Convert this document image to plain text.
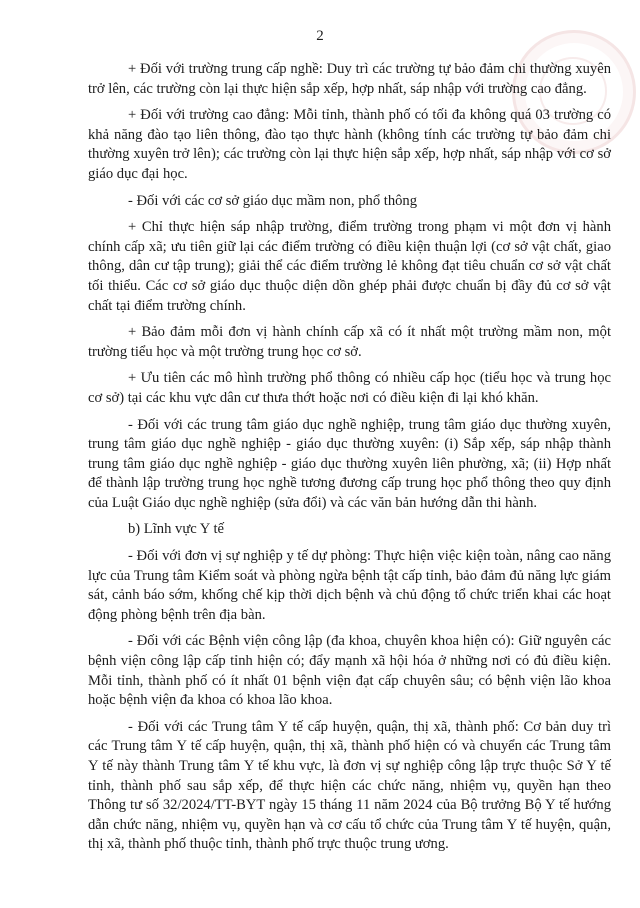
2

+ Đối với trường trung cấp nghề: Duy trì các trường tự bảo đảm chi thường xuyên trở lên, các trường còn lại thực hiện sắp xếp, hợp nhất, sáp nhập với trường cao đẳng.

+ Đối với trường cao đẳng: Mỗi tỉnh, thành phố có tối đa không quá 03 trường có khả năng đào tạo liên thông, đào tạo thực hành (không tính các trường tự bảo đảm chi thường xuyên trở lên); các trường còn lại thực hiện sắp xếp, hợp nhất, sáp nhập với cơ sở giáo dục đại học.

- Đối với các cơ sở giáo dục mầm non, phổ thông

+ Chỉ thực hiện sáp nhập trường, điểm trường trong phạm vi một đơn vị hành chính cấp xã; ưu tiên giữ lại các điểm trường có điều kiện thuận lợi (cơ sở vật chất, giao thông, dân cư tập trung); giải thể các điểm trường lẻ không đạt tiêu chuẩn cơ sở vật chất tối thiểu. Các cơ sở giáo dục thuộc diện dồn ghép phải được chuẩn bị đầy đủ cơ sở vật chất tại điểm trường chính.

+ Bảo đảm mỗi đơn vị hành chính cấp xã có ít nhất một trường mầm non, một trường tiểu học và một trường trung học cơ sở.

+ Ưu tiên các mô hình trường phổ thông có nhiều cấp học (tiểu học và trung học cơ sở) tại các khu vực dân cư thưa thớt hoặc nơi có điều kiện đi lại khó khăn.

- Đối với các trung tâm giáo dục nghề nghiệp, trung tâm giáo dục thường xuyên, trung tâm giáo dục nghề nghiệp - giáo dục thường xuyên: (i) Sắp xếp, sáp nhập thành trung tâm giáo dục nghề nghiệp - giáo dục thường xuyên liên phường, xã; (ii) Hợp nhất để thành lập trường trung học nghề tương đương cấp trung học phổ thông theo quy định của Luật Giáo dục nghề nghiệp (sửa đổi) và các văn bản hướng dẫn thi hành.

b) Lĩnh vực Y tế

- Đối với đơn vị sự nghiệp y tế dự phòng: Thực hiện việc kiện toàn, nâng cao năng lực của Trung tâm Kiểm soát và phòng ngừa bệnh tật cấp tỉnh, bảo đảm đủ năng lực giám sát, cảnh báo sớm, khống chế kịp thời dịch bệnh và chủ động tổ chức triển khai các hoạt động phòng bệnh trên địa bàn.

- Đối với các Bệnh viện công lập (đa khoa, chuyên khoa hiện có): Giữ nguyên các bệnh viện công lập cấp tỉnh hiện có; đẩy mạnh xã hội hóa ở những nơi có đủ điều kiện. Mỗi tỉnh, thành phố có ít nhất 01 bệnh viện đạt cấp chuyên sâu; có bệnh viện lão khoa hoặc bệnh viện đa khoa có khoa lão khoa.

- Đối với các Trung tâm Y tế cấp huyện, quận, thị xã, thành phố: Cơ bản duy trì các Trung tâm Y tế cấp huyện, quận, thị xã, thành phố hiện có và chuyển các Trung tâm Y tế này thành Trung tâm Y tế khu vực, là đơn vị sự nghiệp công lập trực thuộc Sở Y tế tỉnh, thành phố sau sắp xếp, để thực hiện các chức năng, nhiệm vụ, quyền hạn theo Thông tư số 32/2024/TT-BYT ngày 15 tháng 11 năm 2024 của Bộ trưởng Bộ Y tế hướng dẫn chức năng, nhiệm vụ, quyền hạn và cơ cấu tổ chức của Trung tâm Y tế huyện, quận, thị xã, thành phố thuộc tỉnh, thành phố trực thuộc trung ương.
